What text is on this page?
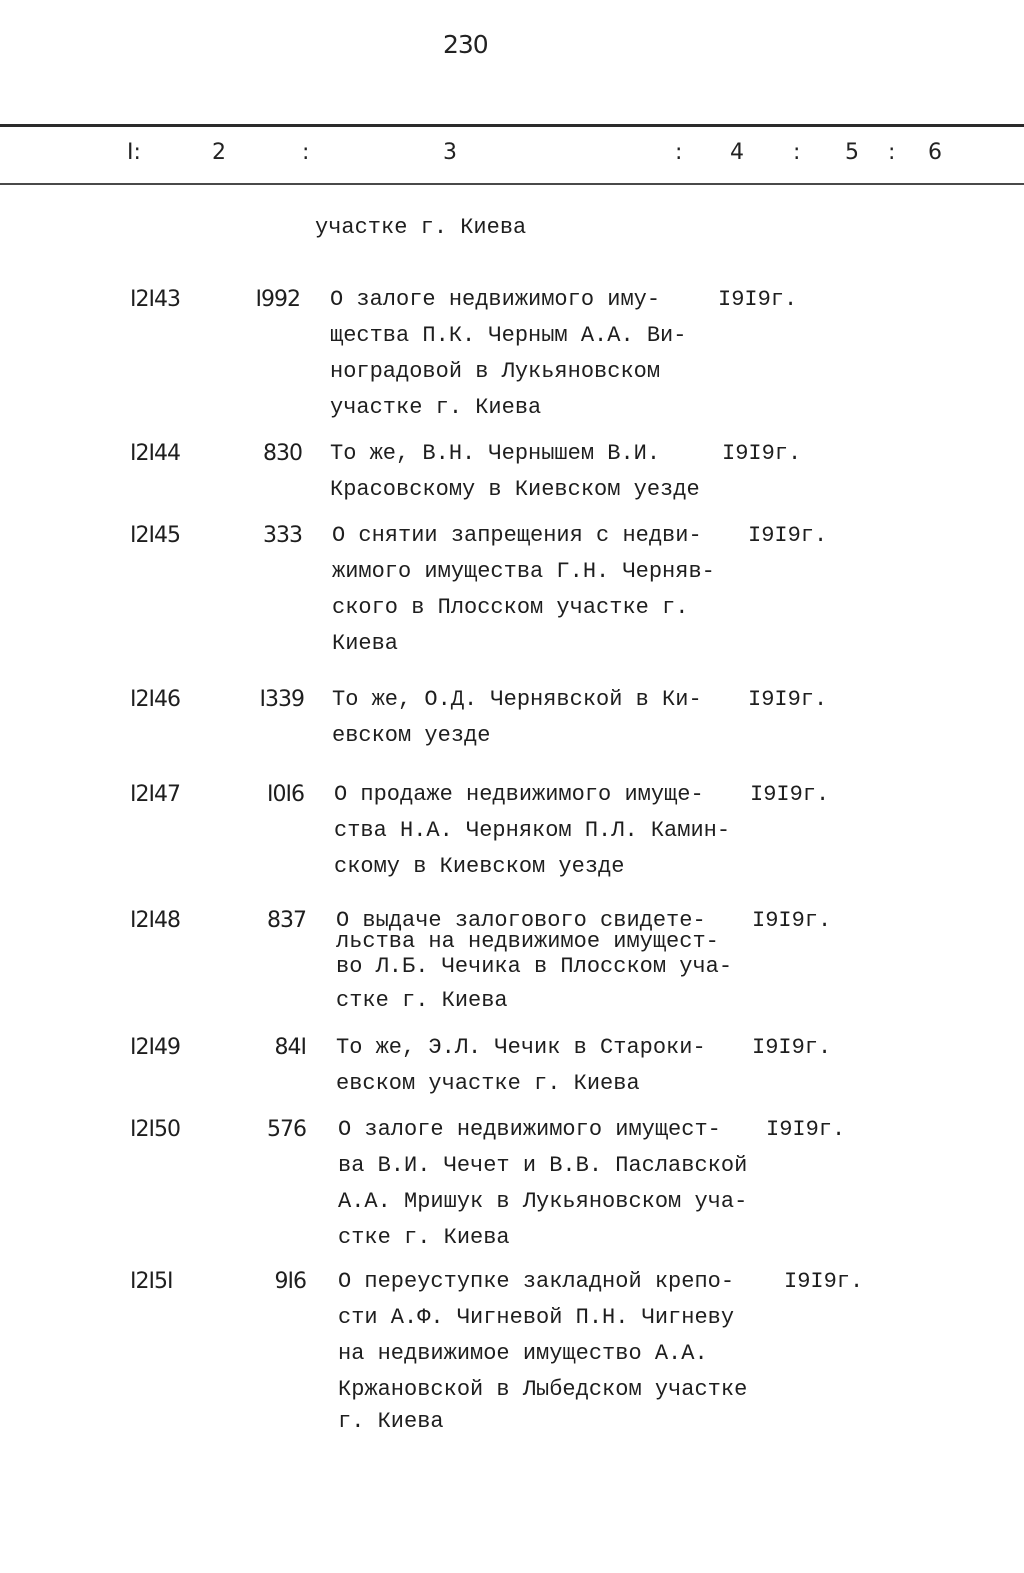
230
I:	2	:	3	: 4 : 5 : 6
участке г. Киева
I2I43	I992 О залоге недвижимого иму-
щества П.К. Черным А.А. Ви-
ноградовой в Лукьяновском
участке г. Киева
I9I9г.
I2I44	830 То же, В.Н. Чернышем В.И.
Красовскому в Киевском уезде
I9I9г.
I2I45	333 О снятии запрещения с недви-
жимого имущества Г.Н. Черняв-
ского в Плосском участке г.
Киева
I9I9г.
I2I46	I339 То же, О.Д. Чернявской в Ки-
евском уезде
I9I9г.
I2I47	I0I6 О продаже недвижимого имуще-
ства Н.А. Черняком П.Л. Камин-
скому в Киевском уезде
I9I9г.
I2I48	837 О выдаче залогового свидете-
льства на недвижимое имущест-
во Л.Б. Чечика в Плосском уча-
стке г. Киева
I9I9г.
I2I49	84I То же, Э.Л. Чечик в Староки-
евском участке г. Киева
I9I9г.
I2I50	576 О залоге недвижимого имущест-
ва В.И. Чечет и В.В. Паславской
А.А. Мришук в Лукьяновском уча-
стке г. Киева
I9I9г.
I2I5I	9I6 О переуступке закладной крепо-
сти А.Ф. Чигневой П.Н. Чигневу
на недвижимое имущество А.А.
Кржановской в Лыбедском участке
г. Киева
I9I9г.
